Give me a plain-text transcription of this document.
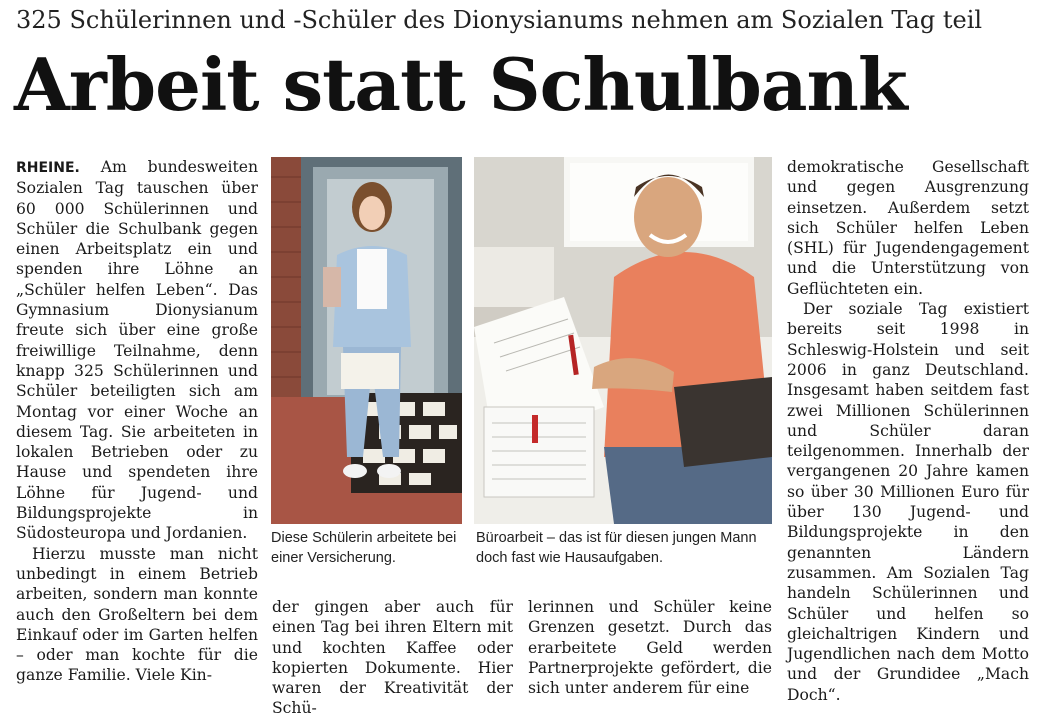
325 Schülerinnen und -Schüler des Dionysianums nehmen am Sozialen Tag teil
Arbeit statt Schulbank

RHEINE. Am bundesweiten Sozialen Tag tauschen über 60 000 Schülerinnen und Schüler die Schulbank gegen einen Arbeitsplatz ein und spenden ihre Löhne an „Schüler helfen Leben“. Das Gymnasium Dionysianum freute sich über eine große freiwillige Teilnahme, denn knapp 325 Schülerinnen und Schüler beteiligten sich am Montag vor einer Woche an diesem Tag. Sie arbeiteten in lokalen Betrieben oder zu Hause und spendeten ihre Löhne für Jugend- und Bildungsprojekte in Südosteuropa und Jordanien.

Hierzu musste man nicht unbedingt in einem Betrieb arbeiten, sondern man konnte auch den Großeltern bei dem Einkauf oder im Garten helfen – oder man kochte für die ganze Familie. Viele Kin-

Diese Schülerin arbeitete bei einer Versicherung.
Büroarbeit – das ist für diesen jungen Mann doch fast wie Hausaufgaben.

der gingen aber auch für einen Tag bei ihren Eltern mit und kochten Kaffee oder kopierten Dokumente. Hier waren der Kreativität der Schü-

lerinnen und Schüler keine Grenzen gesetzt. Durch das erarbeitete Geld werden Partnerprojekte gefördert, die sich unter anderem für eine

demokratische Gesellschaft und gegen Ausgrenzung einsetzen. Außerdem setzt sich Schüler helfen Leben (SHL) für Jugendengagement und die Unterstützung von Geflüchteten ein.

Der soziale Tag existiert bereits seit 1998 in Schleswig-Holstein und seit 2006 in ganz Deutschland. Insgesamt haben seitdem fast zwei Millionen Schülerinnen und Schüler daran teilgenommen. Innerhalb der vergangenen 20 Jahre kamen so über 30 Millionen Euro für über 130 Jugend- und Bildungsprojekte in den genannten Ländern zusammen. Am Sozialen Tag handeln Schülerinnen und Schüler und helfen so gleichaltrigen Kindern und Jugendlichen nach dem Motto und der Grundidee „Mach Doch“.
